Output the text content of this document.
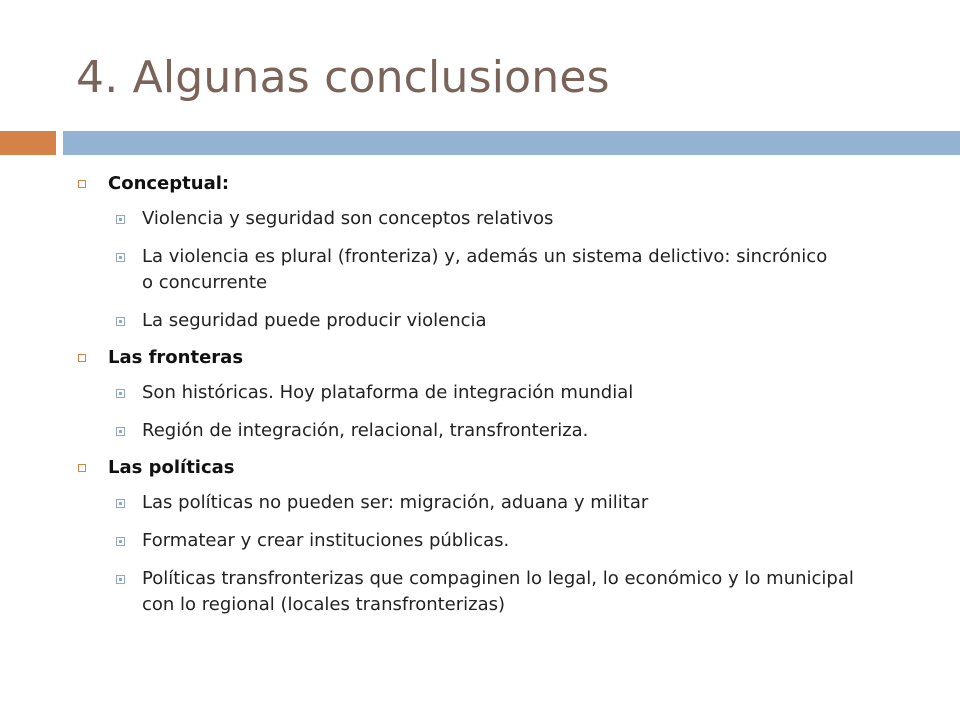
4. Algunas conclusiones
Conceptual:
Violencia y seguridad son conceptos relativos
La violencia es plural (fronteriza) y, además un sistema delictivo: sincrónico o concurrente
La seguridad puede producir violencia
Las fronteras
Son históricas. Hoy plataforma de integración mundial
Región de integración, relacional, transfronteriza.
Las políticas
Las políticas no pueden ser: migración, aduana y militar
Formatear y crear instituciones públicas.
Políticas transfronterizas que compaginen lo legal, lo económico y lo municipal con lo regional (locales transfronterizas)
